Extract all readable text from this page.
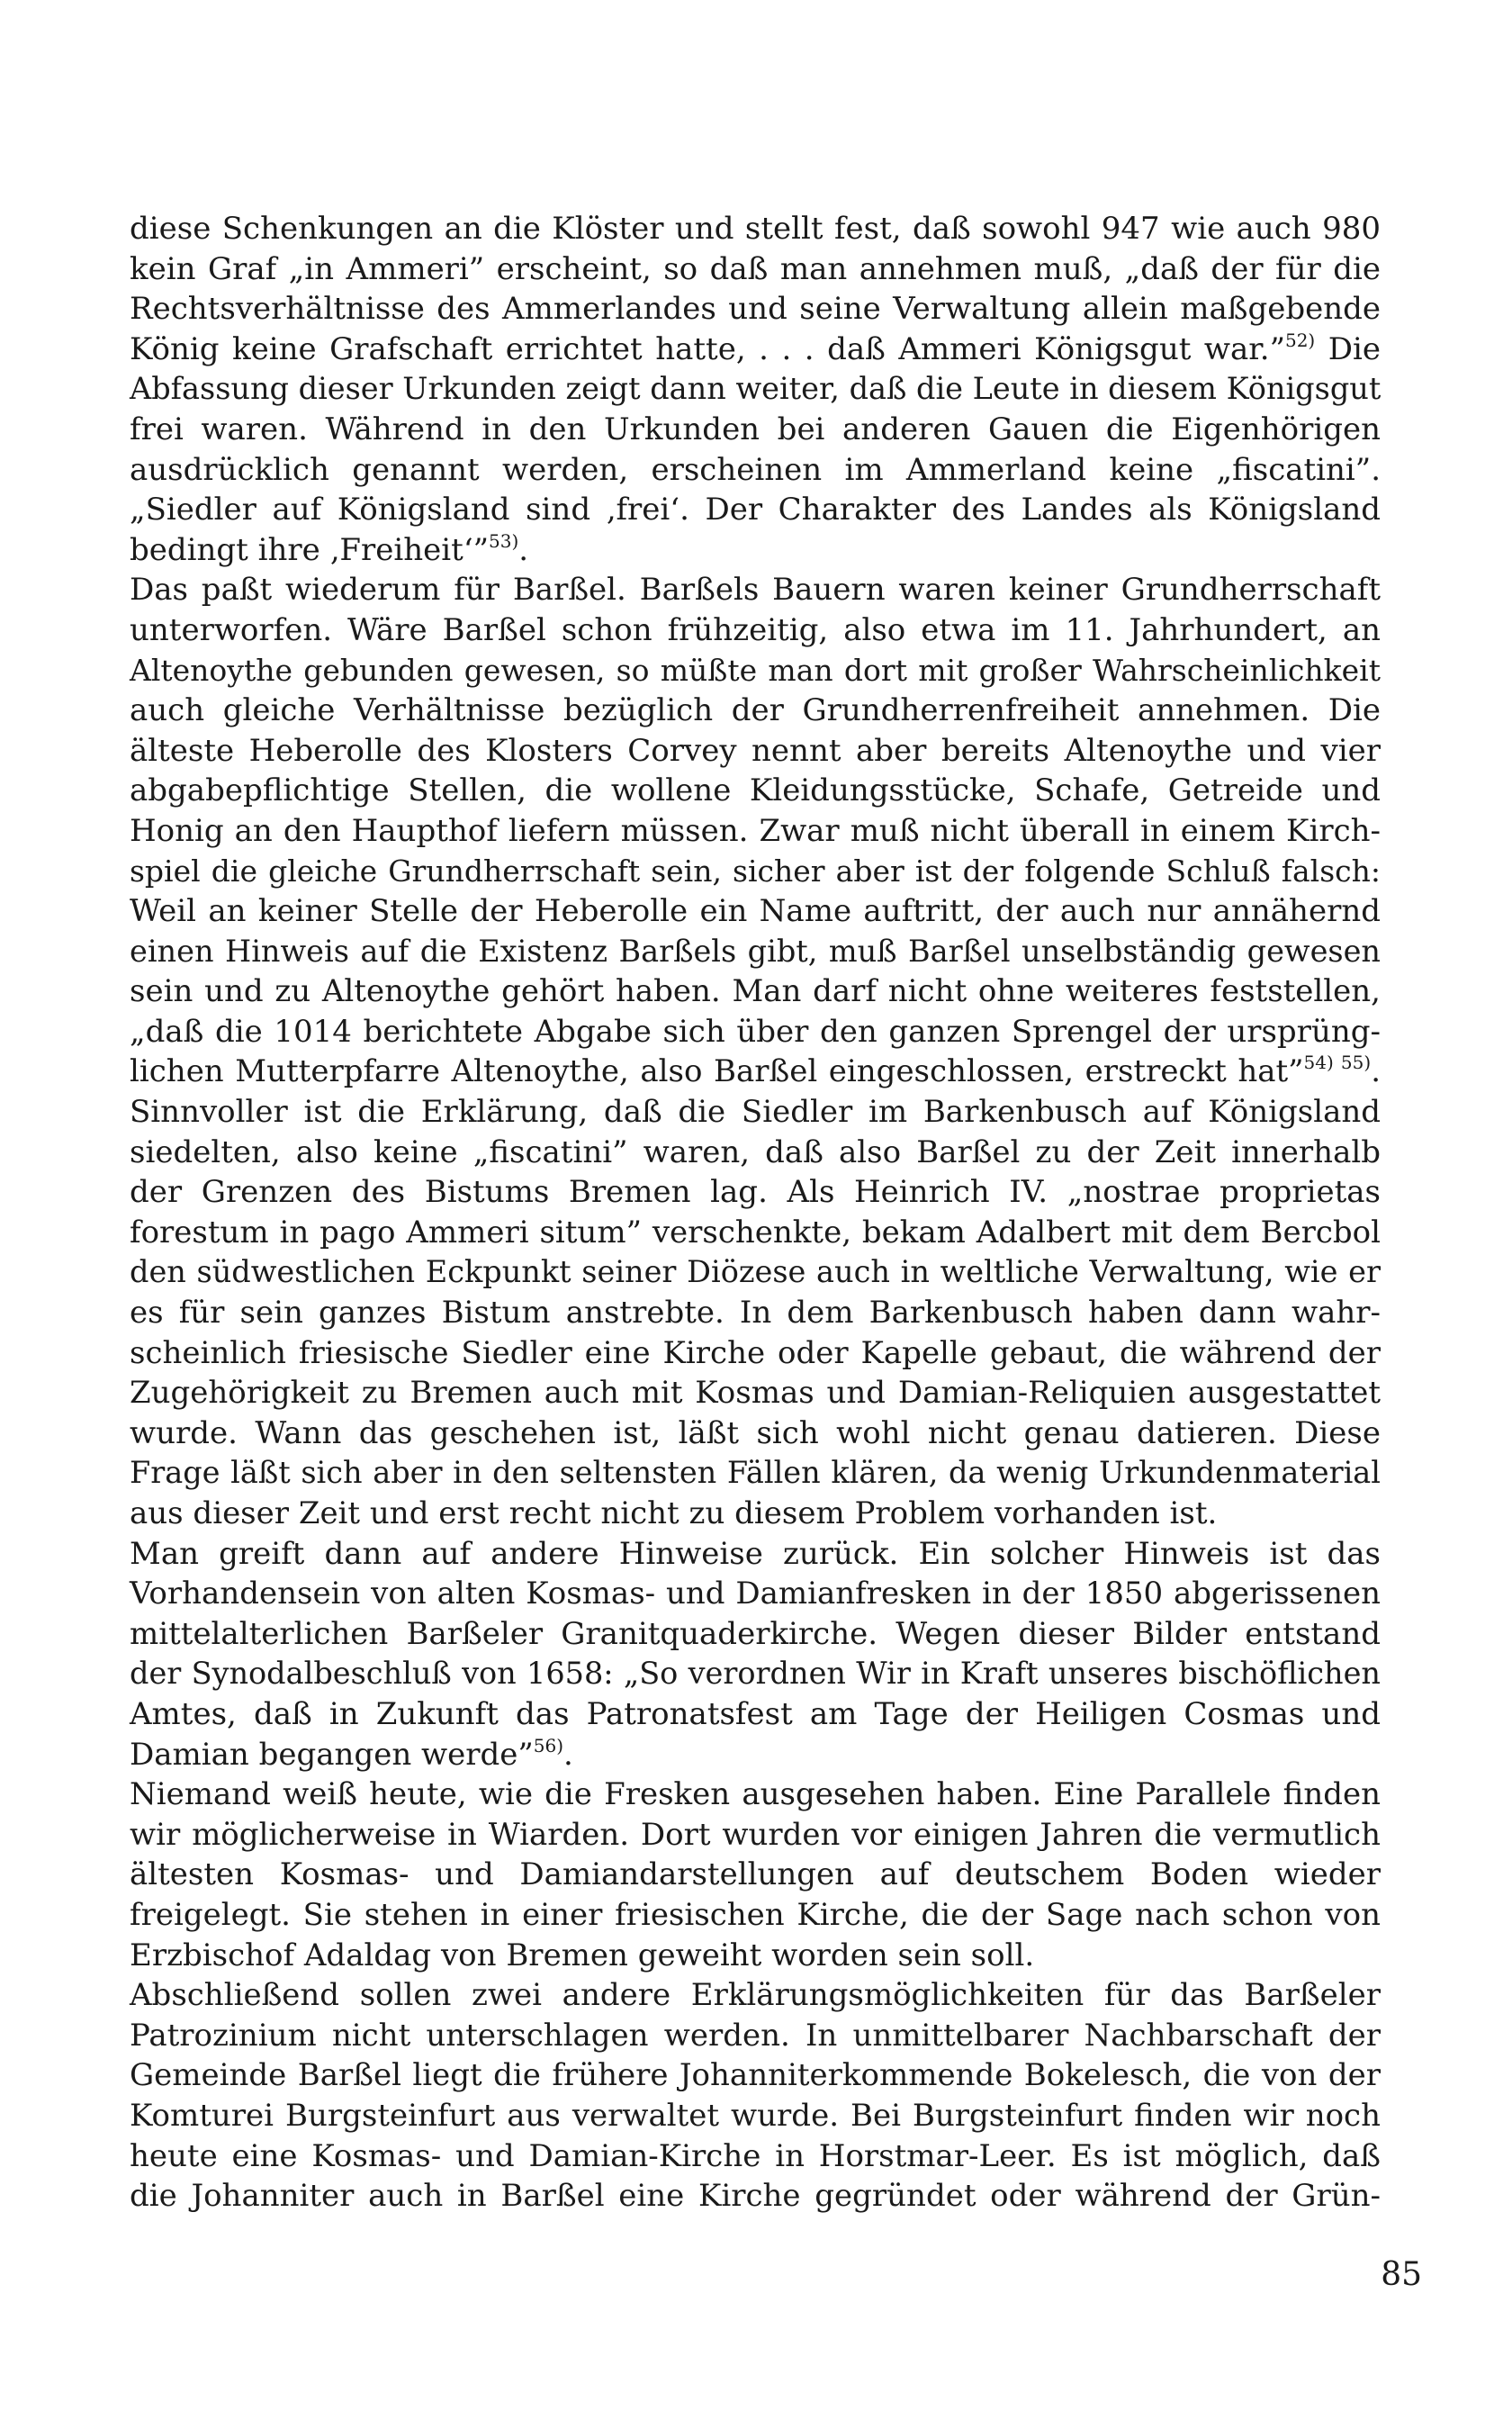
diese Schenkungen an die Klöster und stellt fest, daß sowohl 947 wie auch 980
kein Graf „in Ammeri” erscheint, so daß man annehmen muß, „daß der für die
Rechtsverhältnisse des Ammerlandes und seine Verwaltung allein maßgebende
König keine Grafschaft errichtet hatte, . . . daß Ammeri Königsgut war.”$^{52)}$ Die
Abfassung dieser Urkunden zeigt dann weiter, daß die Leute in diesem Königsgut
frei waren. Während in den Urkunden bei anderen Gauen die Eigenhörigen
ausdrücklich genannt werden, erscheinen im Ammerland keine „fiscatini”.
„Siedler auf Königsland sind ‚frei‘. Der Charakter des Landes als Königsland
bedingt ihre ‚Freiheit‘”$^{53)}$.
Das paßt wiederum für Barßel. Barßels Bauern waren keiner Grundherrschaft
unterworfen. Wäre Barßel schon frühzeitig, also etwa im 11. Jahrhundert, an
Altenoythe gebunden gewesen, so müßte man dort mit großer Wahrscheinlichkeit
auch gleiche Verhältnisse bezüglich der Grundherrenfreiheit annehmen. Die
älteste Heberolle des Klosters Corvey nennt aber bereits Altenoythe und vier
abgabepflichtige Stellen, die wollene Kleidungsstücke, Schafe, Getreide und
Honig an den Haupthof liefern müssen. Zwar muß nicht überall in einem Kirch-
spiel die gleiche Grundherrschaft sein, sicher aber ist der folgende Schluß falsch:
Weil an keiner Stelle der Heberolle ein Name auftritt, der auch nur annähernd
einen Hinweis auf die Existenz Barßels gibt, muß Barßel unselbständig gewesen
sein und zu Altenoythe gehört haben. Man darf nicht ohne weiteres feststellen,
„daß die 1014 berichtete Abgabe sich über den ganzen Sprengel der ursprüng-
lichen Mutterpfarre Altenoythe, also Barßel eingeschlossen, erstreckt hat”$^{54) 55)}$.
Sinnvoller ist die Erklärung, daß die Siedler im Barkenbusch auf Königsland
siedelten, also keine „fiscatini” waren, daß also Barßel zu der Zeit innerhalb
der Grenzen des Bistums Bremen lag. Als Heinrich IV. „nostrae proprietas
forestum in pago Ammeri situm” verschenkte, bekam Adalbert mit dem Bercbol
den südwestlichen Eckpunkt seiner Diözese auch in weltliche Verwaltung, wie er
es für sein ganzes Bistum anstrebte. In dem Barkenbusch haben dann wahr-
scheinlich friesische Siedler eine Kirche oder Kapelle gebaut, die während der
Zugehörigkeit zu Bremen auch mit Kosmas und Damian-Reliquien ausgestattet
wurde. Wann das geschehen ist, läßt sich wohl nicht genau datieren. Diese
Frage läßt sich aber in den seltensten Fällen klären, da wenig Urkundenmaterial
aus dieser Zeit und erst recht nicht zu diesem Problem vorhanden ist.
Man greift dann auf andere Hinweise zurück. Ein solcher Hinweis ist das
Vorhandensein von alten Kosmas- und Damianfresken in der 1850 abgerissenen
mittelalterlichen Barßeler Granitquaderkirche. Wegen dieser Bilder entstand
der Synodalbeschluß von 1658: „So verordnen Wir in Kraft unseres bischöflichen
Amtes, daß in Zukunft das Patronatsfest am Tage der Heiligen Cosmas und
Damian begangen werde”$^{56)}$.
Niemand weiß heute, wie die Fresken ausgesehen haben. Eine Parallele finden
wir möglicherweise in Wiarden. Dort wurden vor einigen Jahren die vermutlich
ältesten Kosmas- und Damiandarstellungen auf deutschem Boden wieder
freigelegt. Sie stehen in einer friesischen Kirche, die der Sage nach schon von
Erzbischof Adaldag von Bremen geweiht worden sein soll.
Abschließend sollen zwei andere Erklärungsmöglichkeiten für das Barßeler
Patrozinium nicht unterschlagen werden. In unmittelbarer Nachbarschaft der
Gemeinde Barßel liegt die frühere Johanniterkommende Bokelesch, die von der
Komturei Burgsteinfurt aus verwaltet wurde. Bei Burgsteinfurt finden wir noch
heute eine Kosmas- und Damian-Kirche in Horstmar-Leer. Es ist möglich, daß
die Johanniter auch in Barßel eine Kirche gegründet oder während der Grün-
85
